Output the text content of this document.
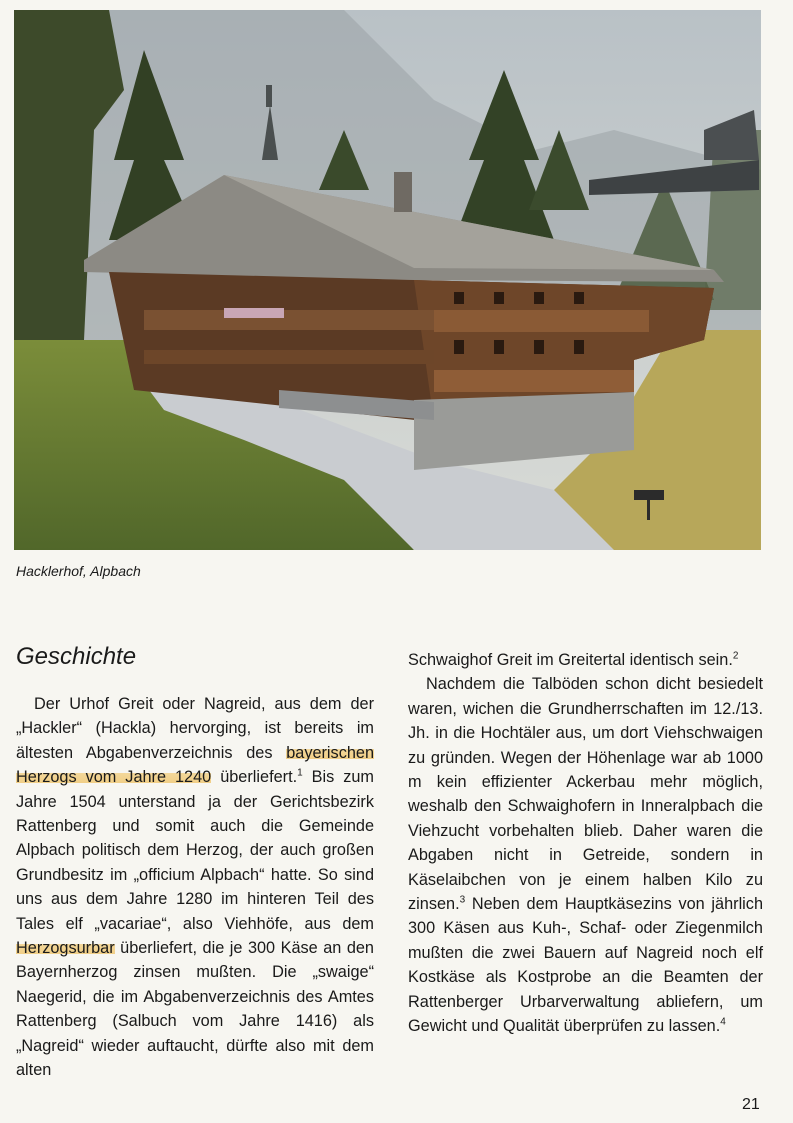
Hacklerhof, Alpbach
Geschichte

Der Urhof Greit oder Nagreid, aus dem der „Hackler“ (Hackla) hervorging, ist bereits im ältesten Abgabenverzeichnis des bayerischen Herzogs vom Jahre 1240 überliefert.$^1$ Bis zum Jahre 1504 unterstand ja der Gerichtsbezirk Rattenberg und somit auch die Gemeinde Alpbach politisch dem Herzog, der auch großen Grundbesitz im „officium Alpbach“ hatte. So sind uns aus dem Jahre 1280 im hinteren Teil des Tales elf „vacariae“, also Viehhöfe, aus dem Herzogsurbar überliefert, die je 300 Käse an den Bayernherzog zinsen mußten. Die „swaige“ Naegerid, die im Abgabenverzeichnis des Amtes Rattenberg (Salbuch vom Jahre 1416) als „Nagreid“ wieder auftaucht, dürfte also mit dem alten

Schwaighof Greit im Greitertal identisch sein.$^2$

Nachdem die Talböden schon dicht besiedelt waren, wichen die Grundherrschaften im 12./13. Jh. in die Hochtäler aus, um dort Viehschwaigen zu gründen. Wegen der Höhenlage war ab 1000 m kein effizienter Ackerbau mehr möglich, weshalb den Schwaighofern in Inneralpbach die Viehzucht vorbehalten blieb. Daher waren die Abgaben nicht in Getreide, sondern in Käselaibchen von je einem halben Kilo zu zinsen.$^3$ Neben dem Hauptkäsezins von jährlich 300 Käsen aus Kuh-, Schaf- oder Ziegenmilch mußten die zwei Bauern auf Nagreid noch elf Kostkäse als Kostprobe an die Beamten der Rattenberger Urbarverwaltung abliefern, um Gewicht und Qualität überprüfen zu lassen.$^4$

21
